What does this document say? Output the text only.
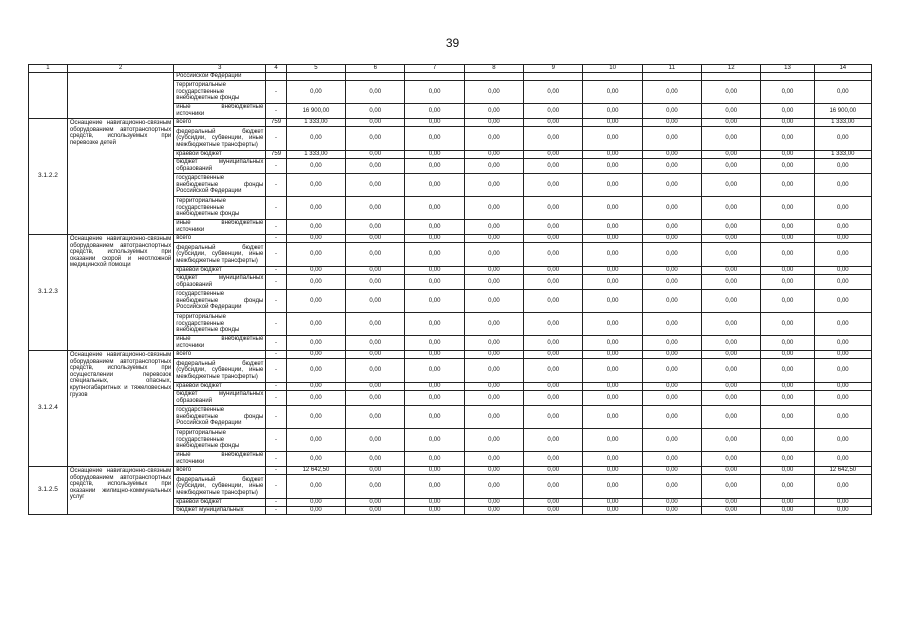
39
1	2	3	4	5	6	7	8	9	10	11	12	13	14
		Российской Федерации											
		территориальные государственные внебюджетные фонды	-	0,00	0,00	0,00	0,00	0,00	0,00	0,00	0,00	0,00	0,00
		иные внебюджетные источники	-	16 900,00	0,00	0,00	0,00	0,00	0,00	0,00	0,00	0,00	16 900,00
3.1.2.2	Оснащение навигационно-связным оборудованием автотранспортных средств, используемых при перевозке детей	всего	759	1 333,00	0,00	0,00	0,00	0,00	0,00	0,00	0,00	0,00	1 333,00
		федеральный бюджет (субсидии, субвенции, иные межбюджетные трансферты)	-	0,00	0,00	0,00	0,00	0,00	0,00	0,00	0,00	0,00	0,00
		краевой бюджет	759	1 333,00	0,00	0,00	0,00	0,00	0,00	0,00	0,00	0,00	1 333,00
		бюджет муниципальных образований	-	0,00	0,00	0,00	0,00	0,00	0,00	0,00	0,00	0,00	0,00
		государственные внебюджетные фонды Российской Федерации	-	0,00	0,00	0,00	0,00	0,00	0,00	0,00	0,00	0,00	0,00
		территориальные государственные внебюджетные фонды	-	0,00	0,00	0,00	0,00	0,00	0,00	0,00	0,00	0,00	0,00
		иные внебюджетные источники	-	0,00	0,00	0,00	0,00	0,00	0,00	0,00	0,00	0,00	0,00
3.1.2.3	Оснащение навигационно-связным оборудованием автотранспортных средств, используемых при оказании скорой и неотложной медицинской помощи	всего	-	0,00	0,00	0,00	0,00	0,00	0,00	0,00	0,00	0,00	0,00
		федеральный бюджет (субсидии, субвенции, иные межбюджетные трансферты)	-	0,00	0,00	0,00	0,00	0,00	0,00	0,00	0,00	0,00	0,00
		краевой бюджет	-	0,00	0,00	0,00	0,00	0,00	0,00	0,00	0,00	0,00	0,00
		бюджет муниципальных образований	-	0,00	0,00	0,00	0,00	0,00	0,00	0,00	0,00	0,00	0,00
		государственные внебюджетные фонды Российской Федерации	-	0,00	0,00	0,00	0,00	0,00	0,00	0,00	0,00	0,00	0,00
		территориальные государственные внебюджетные фонды	-	0,00	0,00	0,00	0,00	0,00	0,00	0,00	0,00	0,00	0,00
		иные внебюджетные источники	-	0,00	0,00	0,00	0,00	0,00	0,00	0,00	0,00	0,00	0,00
3.1.2.4	Оснащение навигационно-связным оборудованием автотранспортных средств, используемых при осуществлении перевозок специальных, опасных, крупногабаритных и тяжеловесных грузов	всего	-	0,00	0,00	0,00	0,00	0,00	0,00	0,00	0,00	0,00	0,00
		федеральный бюджет (субсидии, субвенции, иные межбюджетные трансферты)	-	0,00	0,00	0,00	0,00	0,00	0,00	0,00	0,00	0,00	0,00
		краевой бюджет	-	0,00	0,00	0,00	0,00	0,00	0,00	0,00	0,00	0,00	0,00
		бюджет муниципальных образований	-	0,00	0,00	0,00	0,00	0,00	0,00	0,00	0,00	0,00	0,00
		государственные внебюджетные фонды Российской Федерации	-	0,00	0,00	0,00	0,00	0,00	0,00	0,00	0,00	0,00	0,00
		территориальные государственные внебюджетные фонды	-	0,00	0,00	0,00	0,00	0,00	0,00	0,00	0,00	0,00	0,00
		иные внебюджетные источники	-	0,00	0,00	0,00	0,00	0,00	0,00	0,00	0,00	0,00	0,00
3.1.2.5	Оснащение навигационно-связным оборудованием автотранспортных средств, используемых при оказании жилищно-коммунальных услуг	всего	-	12 642,50	0,00	0,00	0,00	0,00	0,00	0,00	0,00	0,00	12 642,50
		федеральный бюджет (субсидии, субвенции, иные межбюджетные трансферты)	-	0,00	0,00	0,00	0,00	0,00	0,00	0,00	0,00	0,00	0,00
		краевой бюджет	-	0,00	0,00	0,00	0,00	0,00	0,00	0,00	0,00	0,00	0,00
		бюджет муниципальных	-	0,00	0,00	0,00	0,00	0,00	0,00	0,00	0,00	0,00	0,00
